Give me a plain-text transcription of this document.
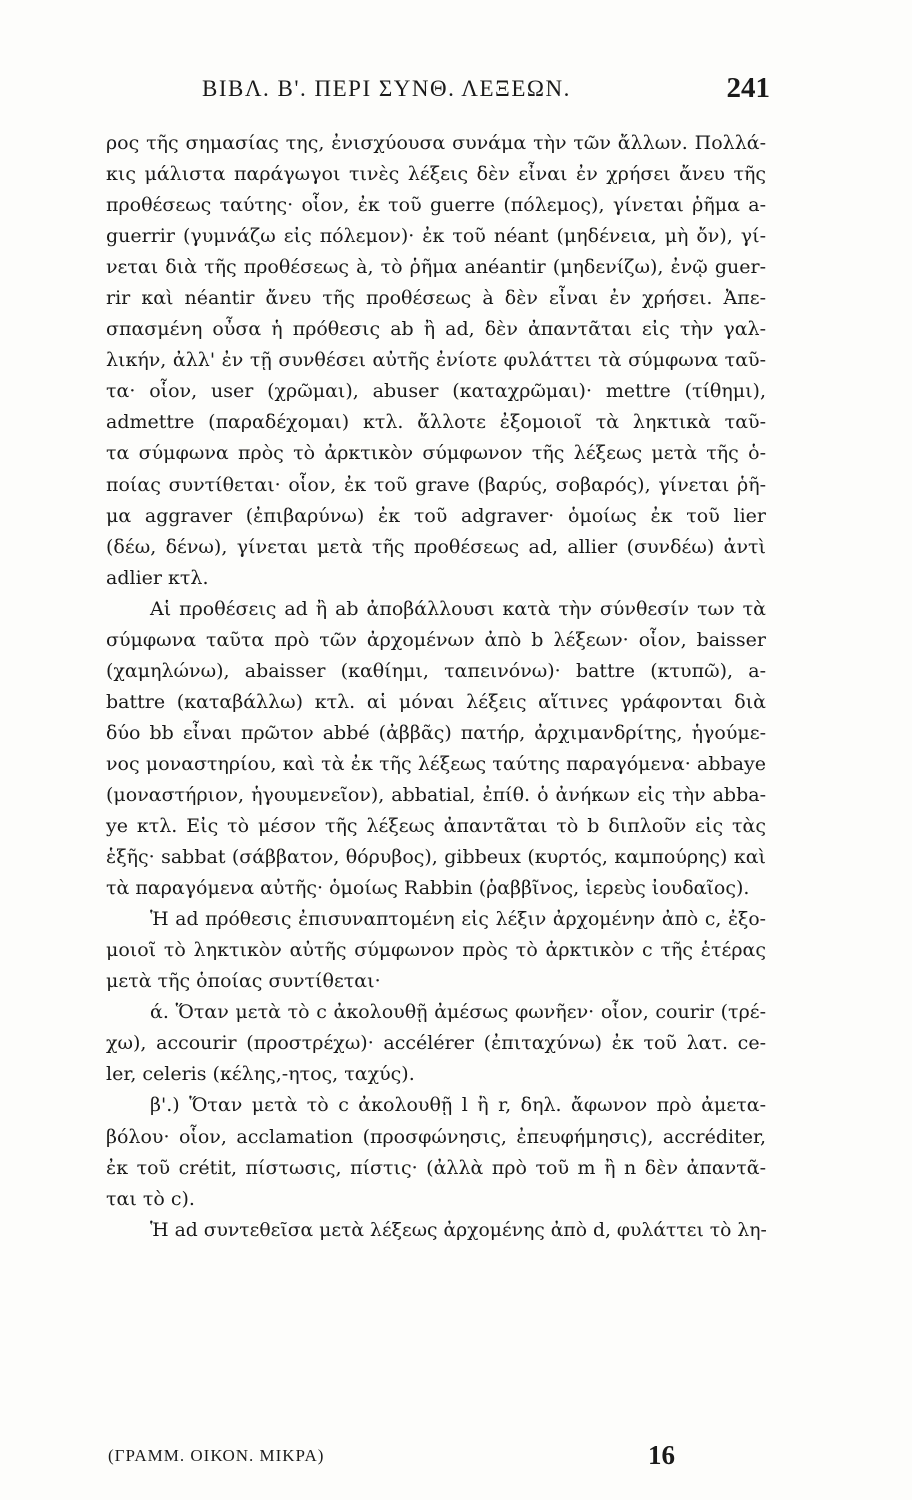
ΒΙΒΛ. Β'. ΠΕΡΙ ΣΥΝΘ. ΛΕΞΕΩΝ.	241
ρος τῆς σημασίας της, ἐνισχύουσα συνάμα τὴν τῶν ἄλλων. Πολλά-
κις μάλιστα παράγωγοι τινὲς λέξεις δὲν εἶναι ἐν χρήσει ἄνευ τῆς
προθέσεως ταύτης· οἷον, ἐκ τοῦ guerre (πόλεμος), γίνεται ῥῆμα a-
guerrir (γυμνάζω εἰς πόλεμον)· ἐκ τοῦ néant (μηδένεια, μὴ ὄν), γί-
νεται διὰ τῆς προθέσεως à, τὸ ῥῆμα anéantir (μηδενίζω), ἐνῷ guer-
rir καὶ néantir ἄνευ τῆς προθέσεως à δὲν εἶναι ἐν χρήσει. Ἀπε-
σπασμένη οὖσα ἡ πρόθεσις ab ἢ ad, δὲν ἀπαντᾶται εἰς τὴν γαλ-
λικήν, ἀλλ' ἐν τῇ συνθέσει αὐτῆς ἐνίοτε φυλάττει τὰ σύμφωνα ταῦ-
τα· οἷον, user (χρῶμαι), abuser (καταχρῶμαι)· mettre (τίθημι),
admettre (παραδέχομαι) κτλ. ἄλλοτε ἐξομοιοῖ τὰ ληκτικὰ ταῦ-
τα σύμφωνα πρὸς τὸ ἀρκτικὸν σύμφωνον τῆς λέξεως μετὰ τῆς ὁ-
ποίας συντίθεται· οἷον, ἐκ τοῦ grave (βαρύς, σοβαρός), γίνεται ῥῆ-
μα aggraver (ἐπιβαρύνω) ἐκ τοῦ adgraver· ὁμοίως ἐκ τοῦ lier
(δέω, δένω), γίνεται μετὰ τῆς προθέσεως ad, allier (συνδέω) ἀντὶ
adlier κτλ.
Αἱ προθέσεις ad ἢ ab ἀποβάλλουσι κατὰ τὴν σύνθεσίν των τὰ
σύμφωνα ταῦτα πρὸ τῶν ἀρχομένων ἀπὸ b λέξεων· οἷον, baisser
(χαμηλώνω), abaisser (καθίημι, ταπεινόνω)· battre (κτυπῶ), a-
battre (καταβάλλω) κτλ. αἱ μόναι λέξεις αἵτινες γράφονται διὰ
δύο bb εἶναι πρῶτον abbé (ἀββᾶς) πατήρ, ἀρχιμανδρίτης, ἡγούμε-
νος μοναστηρίου, καὶ τὰ ἐκ τῆς λέξεως ταύτης παραγόμενα· abbaye
(μοναστήριον, ἡγουμενεῖον), abbatial, ἐπίθ. ὁ ἀνήκων εἰς τὴν abba-
ye κτλ. Εἰς τὸ μέσον τῆς λέξεως ἀπαντᾶται τὸ b διπλοῦν εἰς τὰς
ἑξῆς· sabbat (σάββατον, θόρυβος), gibbeux (κυρτός, καμπούρης) καὶ
τὰ παραγόμενα αὐτῆς· ὁμοίως Rabbin (ῥαββῖνος, ἱερεὺς ἰουδαῖος).
Ἡ ad πρόθεσις ἐπισυναπτομένη εἰς λέξιν ἀρχομένην ἀπὸ c, ἐξο-
μοιοῖ τὸ ληκτικὸν αὐτῆς σύμφωνον πρὸς τὸ ἀρκτικὸν c τῆς ἑτέρας
μετὰ τῆς ὁποίας συντίθεται·
ά. Ὅταν μετὰ τὸ c ἀκολουθῇ ἀμέσως φωνῆεν· οἷον, courir (τρέ-
χω), accourir (προστρέχω)· accélérer (ἐπιταχύνω) ἐκ τοῦ λατ. ce-
ler, celeris (κέλης,-ητος, ταχύς).
β'.) Ὅταν μετὰ τὸ c ἀκολουθῇ l ἢ r, δηλ. ἄφωνον πρὸ ἀμετα-
βόλου· οἷον, acclamation (προσφώνησις, ἐπευφήμησις), accréditer,
ἐκ τοῦ crétit, πίστωσις, πίστις· (ἀλλὰ πρὸ τοῦ m ἢ n δὲν ἀπαντᾶ-
ται τὸ c).
Ἡ ad συντεθεῖσα μετὰ λέξεως ἀρχομένης ἀπὸ d, φυλάττει τὸ λη-
(ΓΡΑΜΜ. ΟΙΚΟΝ. ΜΙΚΡΑ)	16
